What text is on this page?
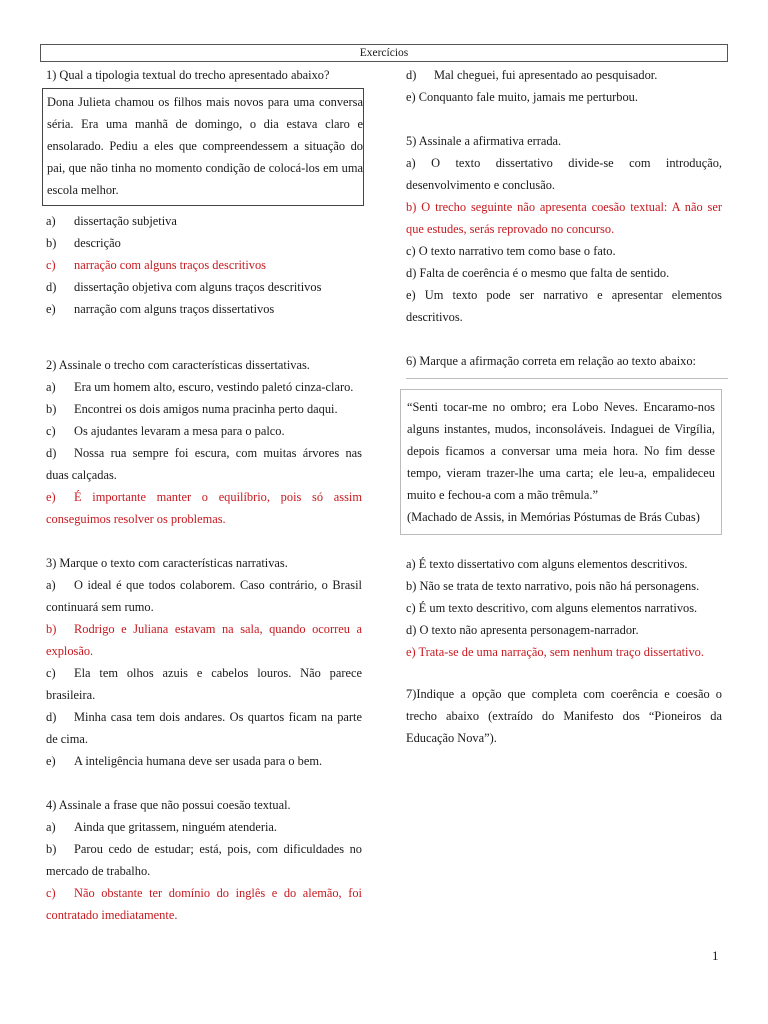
Exercícios
1) Qual a tipologia textual do trecho apresentado abaixo?
Dona Julieta chamou os filhos mais novos para uma conversa séria. Era uma manhã de domingo, o dia estava claro e ensolarado. Pediu a eles que compreendessem a situação do pai, que não tinha no momento condição de colocá-los em uma escola melhor.
a) dissertação subjetiva
b) descrição
c) narração com alguns traços descritivos
d) dissertação objetiva com alguns traços descritivos
e) narração com alguns traços dissertativos
2) Assinale o trecho com características dissertativas.
a) Era um homem alto, escuro, vestindo paletó cinza-claro.
b) Encontrei os dois amigos numa pracinha perto daqui.
c) Os ajudantes levaram a mesa para o palco.
d) Nossa rua sempre foi escura, com muitas árvores nas duas calçadas.
e) É importante manter o equilíbrio, pois só assim conseguimos resolver os problemas.
3) Marque o texto com características narrativas.
a) O ideal é que todos colaborem. Caso contrário, o Brasil continuará sem rumo.
b) Rodrigo e Juliana estavam na sala, quando ocorreu a explosão.
c) Ela tem olhos azuis e cabelos louros. Não parece brasileira.
d) Minha casa tem dois andares. Os quartos ficam na parte de cima.
e) A inteligência humana deve ser usada para o bem.
4) Assinale a frase que não possui coesão textual.
a) Ainda que gritassem, ninguém atenderia.
b) Parou cedo de estudar; está, pois, com dificuldades no mercado de trabalho.
c) Não obstante ter domínio do inglês e do alemão, foi contratado imediatamente.
d) Mal cheguei, fui apresentado ao pesquisador.
e) Conquanto fale muito, jamais me perturbou.
5) Assinale a afirmativa errada.
a) O texto dissertativo divide-se com introdução, desenvolvimento e conclusão.
b) O trecho seguinte não apresenta coesão textual: A não ser que estudes, serás reprovado no concurso.
c) O texto narrativo tem como base o fato.
d) Falta de coerência é o mesmo que falta de sentido.
e) Um texto pode ser narrativo e apresentar elementos descritivos.
6) Marque a afirmação correta em relação ao texto abaixo:
“Senti tocar-me no ombro; era Lobo Neves. Encaramo-nos alguns instantes, mudos, inconsoláveis. Indaguei de Virgília, depois ficamos a conversar uma meia hora. No fim desse tempo, vieram trazer-lhe uma carta; ele leu-a, empalideceu muito e fechou-a com a mão trêmula.”
(Machado de Assis, in Memórias Póstumas de Brás Cubas)
a) É texto dissertativo com alguns elementos descritivos.
b) Não se trata de texto narrativo, pois não há personagens.
c) É um texto descritivo, com alguns elementos narrativos.
d) O texto não apresenta personagem-narrador.
e) Trata-se de uma narração, sem nenhum traço dissertativo.
7)Indique a opção que completa com coerência e coesão o trecho abaixo (extraído do Manifesto dos “Pioneiros da Educação Nova”).
1
